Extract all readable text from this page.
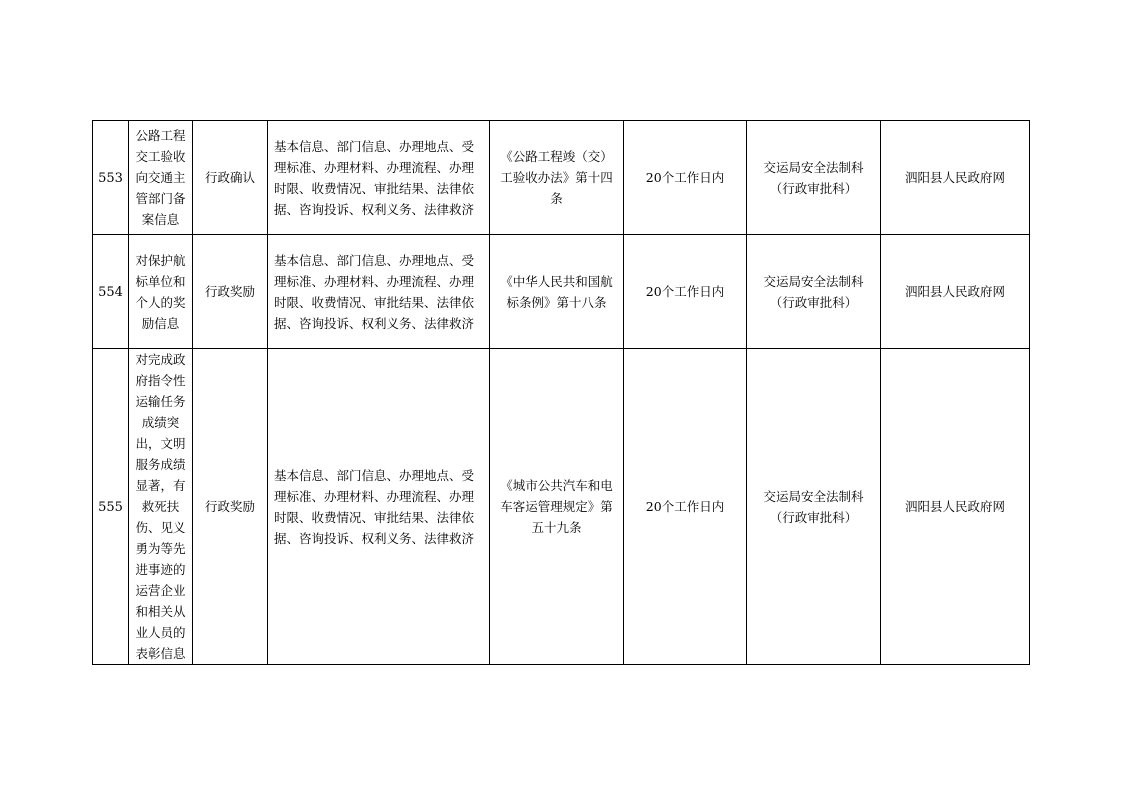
553	公路工程交工验收向交通主管部门备案信息	行政确认	基本信息、部门信息、办理地点、受理标准、办理材料、办理流程、办理时限、收费情况、审批结果、法律依据、咨询投诉、权利义务、法律救济	《公路工程竣（交）工验收办法》第十四条	20个工作日内	交运局安全法制科（行政审批科）	泗阳县人民政府网

554	对保护航标单位和个人的奖励信息	行政奖励	基本信息、部门信息、办理地点、受理标准、办理材料、办理流程、办理时限、收费情况、审批结果、法律依据、咨询投诉、权利义务、法律救济	《中华人民共和国航标条例》第十八条	20个工作日内	交运局安全法制科（行政审批科）	泗阳县人民政府网

555	对完成政府指令性运输任务成绩突出，文明服务成绩显著，有救死扶伤、见义勇为等先进事迹的运营企业和相关从业人员的表彰信息	行政奖励	基本信息、部门信息、办理地点、受理标准、办理材料、办理流程、办理时限、收费情况、审批结果、法律依据、咨询投诉、权利义务、法律救济	《城市公共汽车和电车客运管理规定》第五十九条	20个工作日内	交运局安全法制科（行政审批科）	泗阳县人民政府网
